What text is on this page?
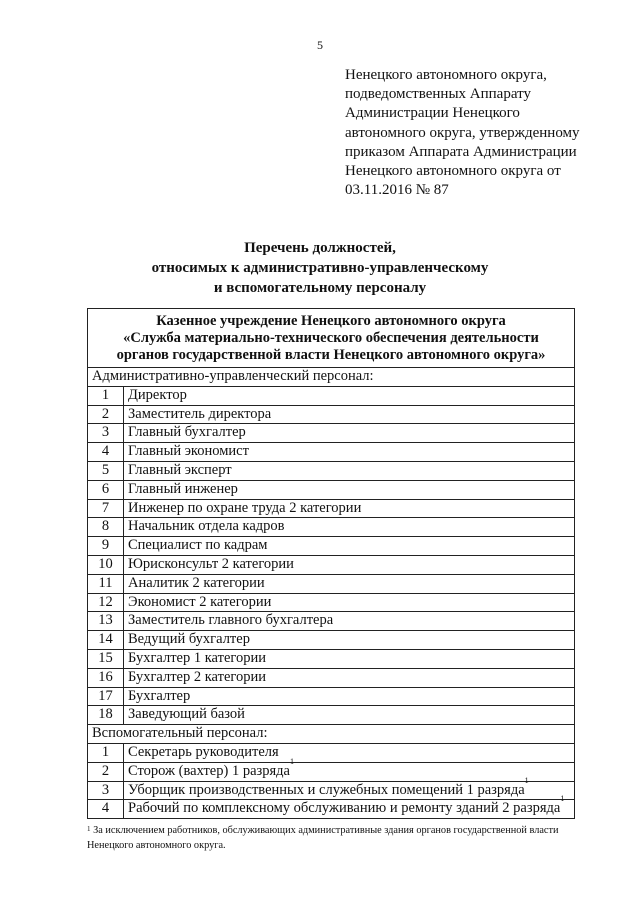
5
Ненецкого автономного округа,
подведомственных Аппарату
Администрации Ненецкого
автономного округа, утвержденному
приказом Аппарата Администрации
Ненецкого автономного округа от
03.11.2016 № 87
Перечень должностей,
относимых к административно-управленческому
и вспомогательному персоналу
Казенное учреждение Ненецкого автономного округа
«Служба материально-технического обеспечения деятельности
органов государственной власти Ненецкого автономного округа»	

Административно-управленческий персонал:	
1	Директор
2	Заместитель директора
3	Главный бухгалтер
4	Главный экономист
5	Главный эксперт
6	Главный инженер
7	Инженер по охране труда 2 категории
8	Начальник отдела кадров
9	Специалист по кадрам
10	Юрисконсульт 2 категории
11	Аналитик 2 категории
12	Экономист 2 категории
13	Заместитель главного бухгалтера
14	Ведущий бухгалтер
15	Бухгалтер 1 категории
16	Бухгалтер 2 категории
17	Бухгалтер
18	Заведующий базой
Вспомогательный персонал:	
1	Секретарь руководителя
2	Сторож (вахтер) 1 разряда$^1$
3	Уборщик производственных и служебных помещений 1 разряда$^1$
4	Рабочий по комплексному обслуживанию и ремонту зданий 2 разряда$^1$
$^1$ За исключением работников, обслуживающих административные здания органов государственной власти
Ненецкого автономного округа.
